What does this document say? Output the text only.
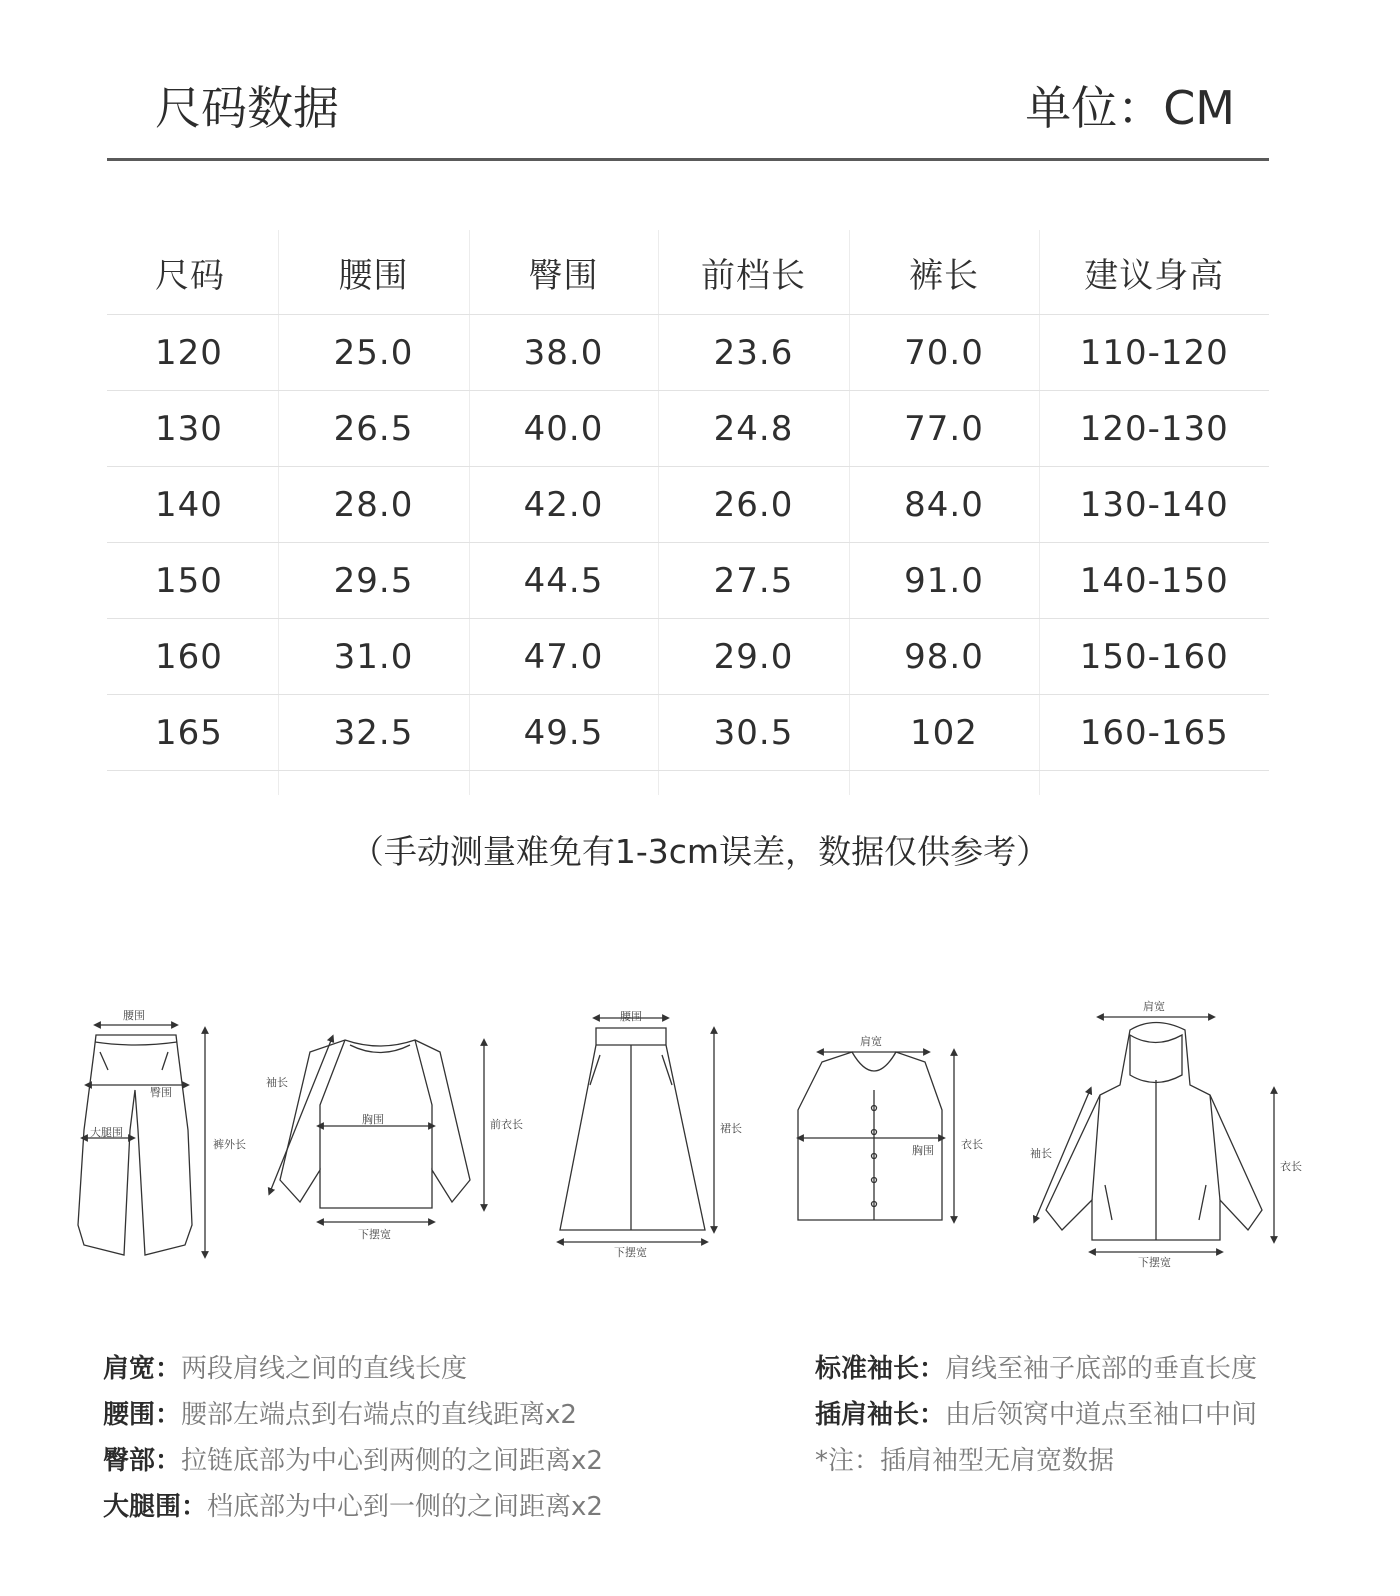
尺码数据	单位：CM
尺码	腰围	臀围	前档长	裤长	建议身高
120	25.0	38.0	23.6	70.0	110-120
130	26.5	40.0	24.8	77.0	120-130
140	28.0	42.0	26.0	84.0	130-140
150	29.5	44.5	27.5	91.0	140-150
160	31.0	47.0	29.0	98.0	150-160
165	32.5	49.5	30.5	102	160-165

（手动测量难免有1-3cm误差，数据仅供参考）
腰围
臀围
大腿围
裤外长
袖长
胸围	前衣长
下摆宽
腰围
裙长
下摆宽
肩宽
胸围 衣长
肩宽
袖长
衣长
下摆宽
肩宽：两段肩线之间的直线长度
腰围：腰部左端点到右端点的直线距离x2
臀部：拉链底部为中心到两侧的之间距离x2
大腿围：档底部为中心到一侧的之间距离x2
标准袖长：肩线至袖子底部的垂直长度
插肩袖长：由后领窝中道点至袖口中间
*注：插肩袖型无肩宽数据
